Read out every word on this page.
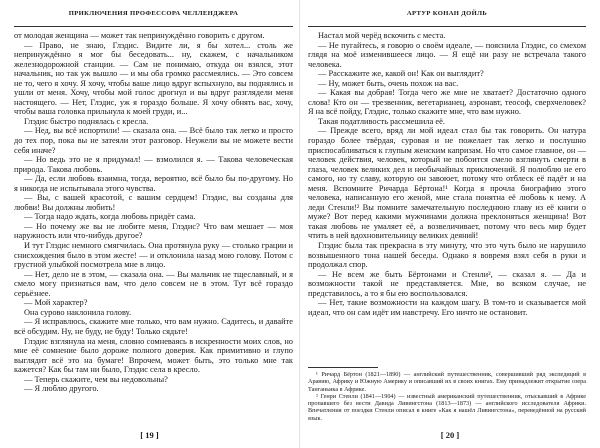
ПРИКЛЮЧЕНИЯ ПРОФЕССОРА ЧЕЛЛЕНДЖЕРА

от молодая женщина — может так непринуждённо говорить с другом.

— Право, не знаю, Глэдис. Видите ли, я бы хотел... столь же непринуждённо я мог бы беседовать... ну, скажем, с начальником железнодорожной станции. — Сам не понимаю, откуда он взялся, этот начальник, но так уж вышло — и мы оба громко рассмеялись. — Это совсем не то, чего я хочу. Я хочу, чтобы ваше лицо вдруг вспыхнуло, вы поднялись и ушли от меня. Хочу, чтобы мой голос дрогнул и вы вдруг разглядели меня настоящего. — Нет, Глэдис, уж я гораздо больше. Я хочу обнять вас, хочу, чтобы ваша головка прильнула к моей груди, и...

Глэдис быстро поднялась с кресла.

— Нед, вы всё испортили! — сказала она. — Всё было так легко и просто до тех пор, пока вы не затеяли этот разговор. Неужели вы не можете вести себя иначе?

— Но ведь это не я придумал! — взмолился я. — Такова человеческая природа. Такова любовь.

— Да, если любовь взаимна, тогда, вероятно, всё было бы по-другому. Но я никогда не испытывала этого чувства.

— Вы, с вашей красотой, с вашим сердцем! Глэдис, вы созданы для любви! Вы должны любить!

— Тогда надо ждать, когда любовь придёт сама.

— Но почему же вы не любите меня, Глэдис? Что вам мешает — моя наружность или что-нибудь другое?

И тут Глэдис немного смягчилась. Она протянула руку — столько грации и снисхождения было в этом жесте! — и отклонила назад мою голову. Потом с грустной улыбкой посмотрела мне в лицо.

— Нет, дело не в этом, — сказала она. — Вы мальчик не тщеславный, и я смело могу признаться вам, что дело совсем не в этом. Тут всё гораздо серьёзнее.

— Мой характер?

Она сурово наклонила голову.

— Я исправлюсь, скажите мне только, что вам нужно. Садитесь, и давайте всё обсудим. Ну, не буду, не буду! Только сядьте!

Глэдис взглянула на меня, словно сомневаясь в искренности моих слов, но мне её сомнение было дороже полного доверия. Как примитивно и глупо выглядит всё это на бумаге! Впрочем, может быть, это только мне так кажется? Как бы там ни было, Глэдис села в кресло.

— Теперь скажите, чем вы недовольны?

— Я люблю другого.

[ 19 ]
АРТУР КОНАН ДОЙЛЬ

Настал мой черёд вскочить с места.

— Не пугайтесь, я говорю о своём идеале, — пояснила Глэдис, со смехом глядя на моё изменившееся лицо. — Я ещё ни разу не встречала такого человека.

— Расскажите же, какой он! Как он выглядит?

— Ну, может быть, очень похож на вас.

— Какая вы добрая! Тогда чего же мне не хватает? Достаточно одного слова! Кто он — трезвенник, вегетарианец, аэронавт, теософ, сверхчеловек? Я на всё пойду, Глэдис, только скажите мне, что вам нужно.

Такая податливость рассмешила её.

— Прежде всего, вряд ли мой идеал стал бы так говорить. Он натура гораздо более твёрдая, суровая и не пожелает так легко и послушно приспосабливаться к глупым женским капризам. Но что самое главное, он — человек действия, человек, который не побоится смело взглянуть смерти в глаза, человек великих дел и необычайных приключений. Я полюблю не его самого, но ту славу, которую он завоюет, потому что отблеск её падёт и на меня. Вспомните Ричарда Бёртона!¹ Когда я прочла биографию этого человека, написанную его женой, мне стала понятна её любовь к нему. А леди Стенли!² Вы помните замечательную последнюю главу из её книги о муже? Вот перед какими мужчинами должна преклоняться женщина! Вот такая любовь не умаляет её, а возвеличивает, потому что весь мир будет чтить в ней вдохновительницу великих деяний!

Глэдис была так прекрасна в эту минуту, что это чуть было не нарушило возвышенного тона нашей беседы. Однако я вовремя взял себя в руки и продолжал спор.

— Не всем же быть Бёртонами и Стенли², — сказал я. — Да и возможности такой не представляется. Мне, во всяком случае, не представилось, а то я бы ею воспользовался.

— Нет, такие возможности на каждом шагу. В том-то и сказывается мой идеал, что он сам идёт им навстречу. Его ничто не остановит.

¹ Ричард Бёртон (1821—1890) — английский путешественник, совершивший ряд экспедиций в Аравию, Африку и Южную Америку и описавший их в своих книгах. Ему принадлежит открытие озера Танганьика в Африке.

² Генри Стенли (1841—1904) — известный американский путешественник, отыскавший в Африке пропавшего без вести Давида Ливингстона (1813—1873) — английского исследователя Африки. Впечатления от поездки Стенли описал в книге «Как я нашёл Ливингстона», переведённой на русский язык.

[ 20 ]
